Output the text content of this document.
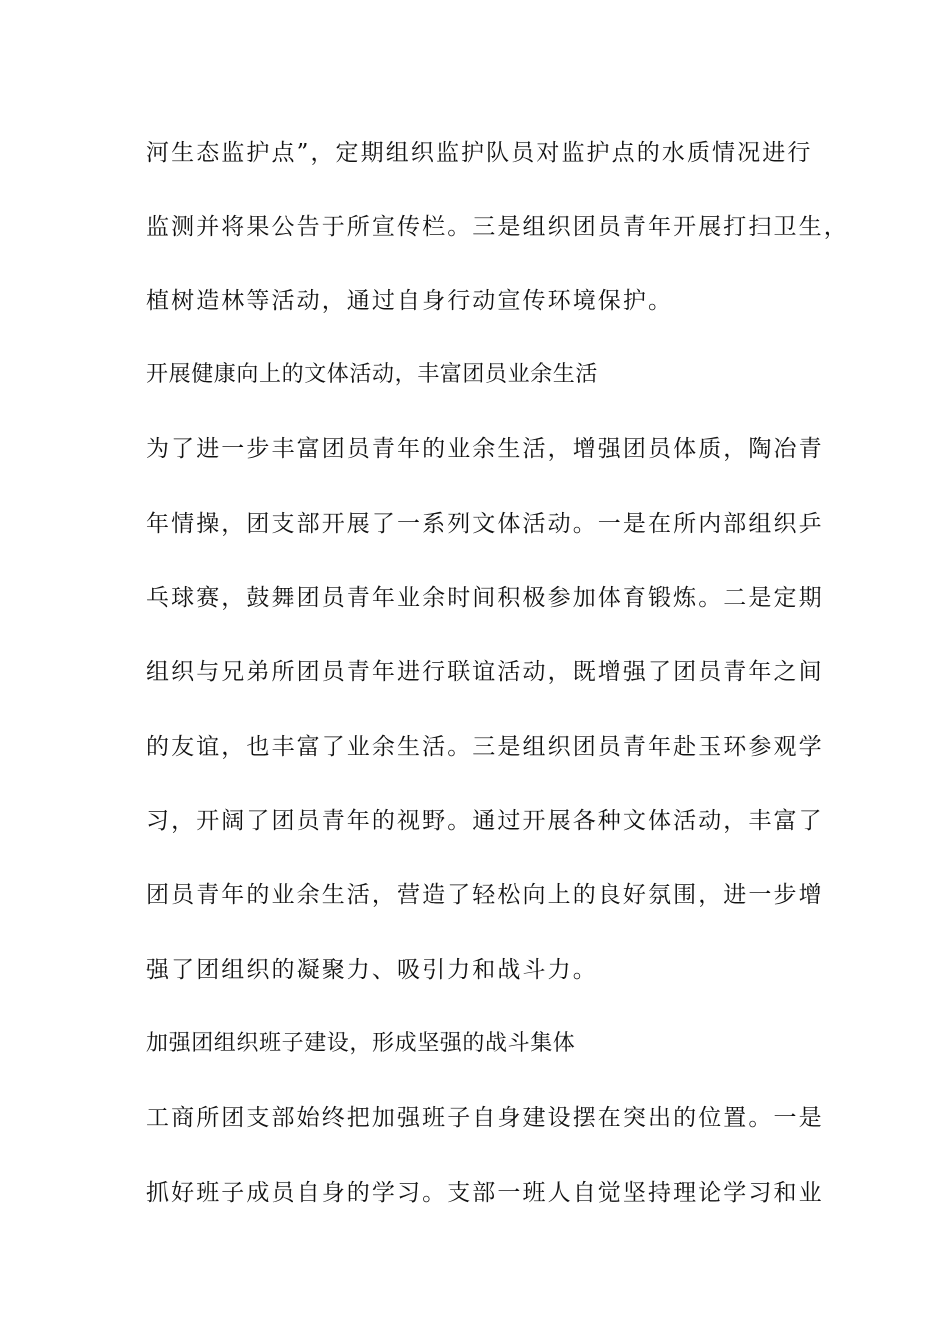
河生态监护点”，定期组织监护队员对监护点的水质情况进行
监测并将果公告于所宣传栏。三是组织团员青年开展打扫卫生，
植树造林等活动，通过自身行动宣传环境保护。
开展健康向上的文体活动，丰富团员业余生活
为了进一步丰富团员青年的业余生活，增强团员体质，陶冶青
年情操，团支部开展了一系列文体活动。一是在所内部组织乒
乓球赛，鼓舞团员青年业余时间积极参加体育锻炼。二是定期
组织与兄弟所团员青年进行联谊活动，既增强了团员青年之间
的友谊，也丰富了业余生活。三是组织团员青年赴玉环参观学
习，开阔了团员青年的视野。通过开展各种文体活动，丰富了
团员青年的业余生活，营造了轻松向上的良好氛围，进一步增
强了团组织的凝聚力、吸引力和战斗力。
加强团组织班子建设，形成坚强的战斗集体
工商所团支部始终把加强班子自身建设摆在突出的位置。一是
抓好班子成员自身的学习。支部一班人自觉坚持理论学习和业
